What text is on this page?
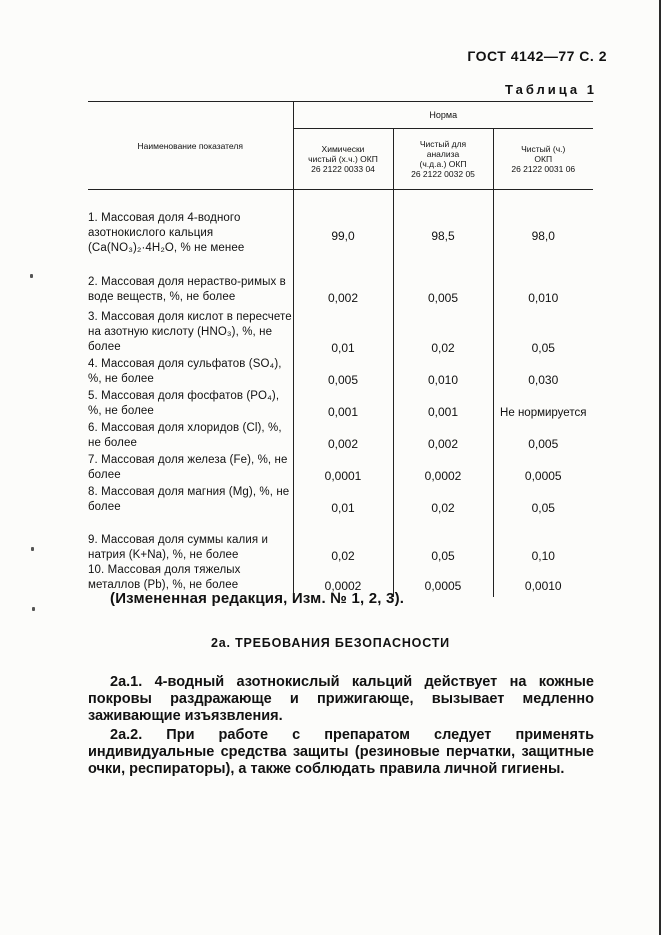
ГОСТ 4142—77 С. 2
Таблица 1
Наименование показателя	Норма		
	Химически
чистый (х.ч.) ОКП
26 2122 0033 04	Чистый для
анализа
(ч.д.а.) ОКП
26 2122 0032 05	Чистый (ч.)
ОКП
26 2122 0031 06
1. Массовая доля 4-водного азотнокислого кальция (Ca(NO₃)₂·4H₂O, % не менее	99,0	98,5	98,0
2. Массовая доля нераство-римых в воде веществ, %, не более	0,002	0,005	0,010
3. Массовая доля кислот в пересчете на азотную кислоту (HNO₃), %, не более	0,01	0,02	0,05
4. Массовая доля сульфатов (SO₄), %, не более	0,005	0,010	0,030
5. Массовая доля фосфатов (PO₄), %, не более	0,001	0,001	Не нормируется
6. Массовая доля хлоридов (Cl), %, не более	0,002	0,002	0,005
7. Массовая доля железа (Fe), %, не более	0,0001	0,0002	0,0005
8. Массовая доля магния (Mg), %, не более	0,01	0,02	0,05
9. Массовая доля суммы калия и натрия (K+Na), %, не более	0,02	0,05	0,10
10. Массовая доля тяжелых металлов (Pb), %, не более	0,0002	0,0005	0,0010
(Измененная редакция, Изм. № 1, 2, 3).
2а. ТРЕБОВАНИЯ БЕЗОПАСНОСТИ
2а.1. 4-водный азотнокислый кальций действует на кожные покровы раздражающе и прижигающе, вызывает медленно заживающие изъязвления.
2а.2. При работе с препаратом следует применять индивидуальные средства защиты (резиновые перчатки, защитные очки, респираторы), а также соблюдать правила личной гигиены.
